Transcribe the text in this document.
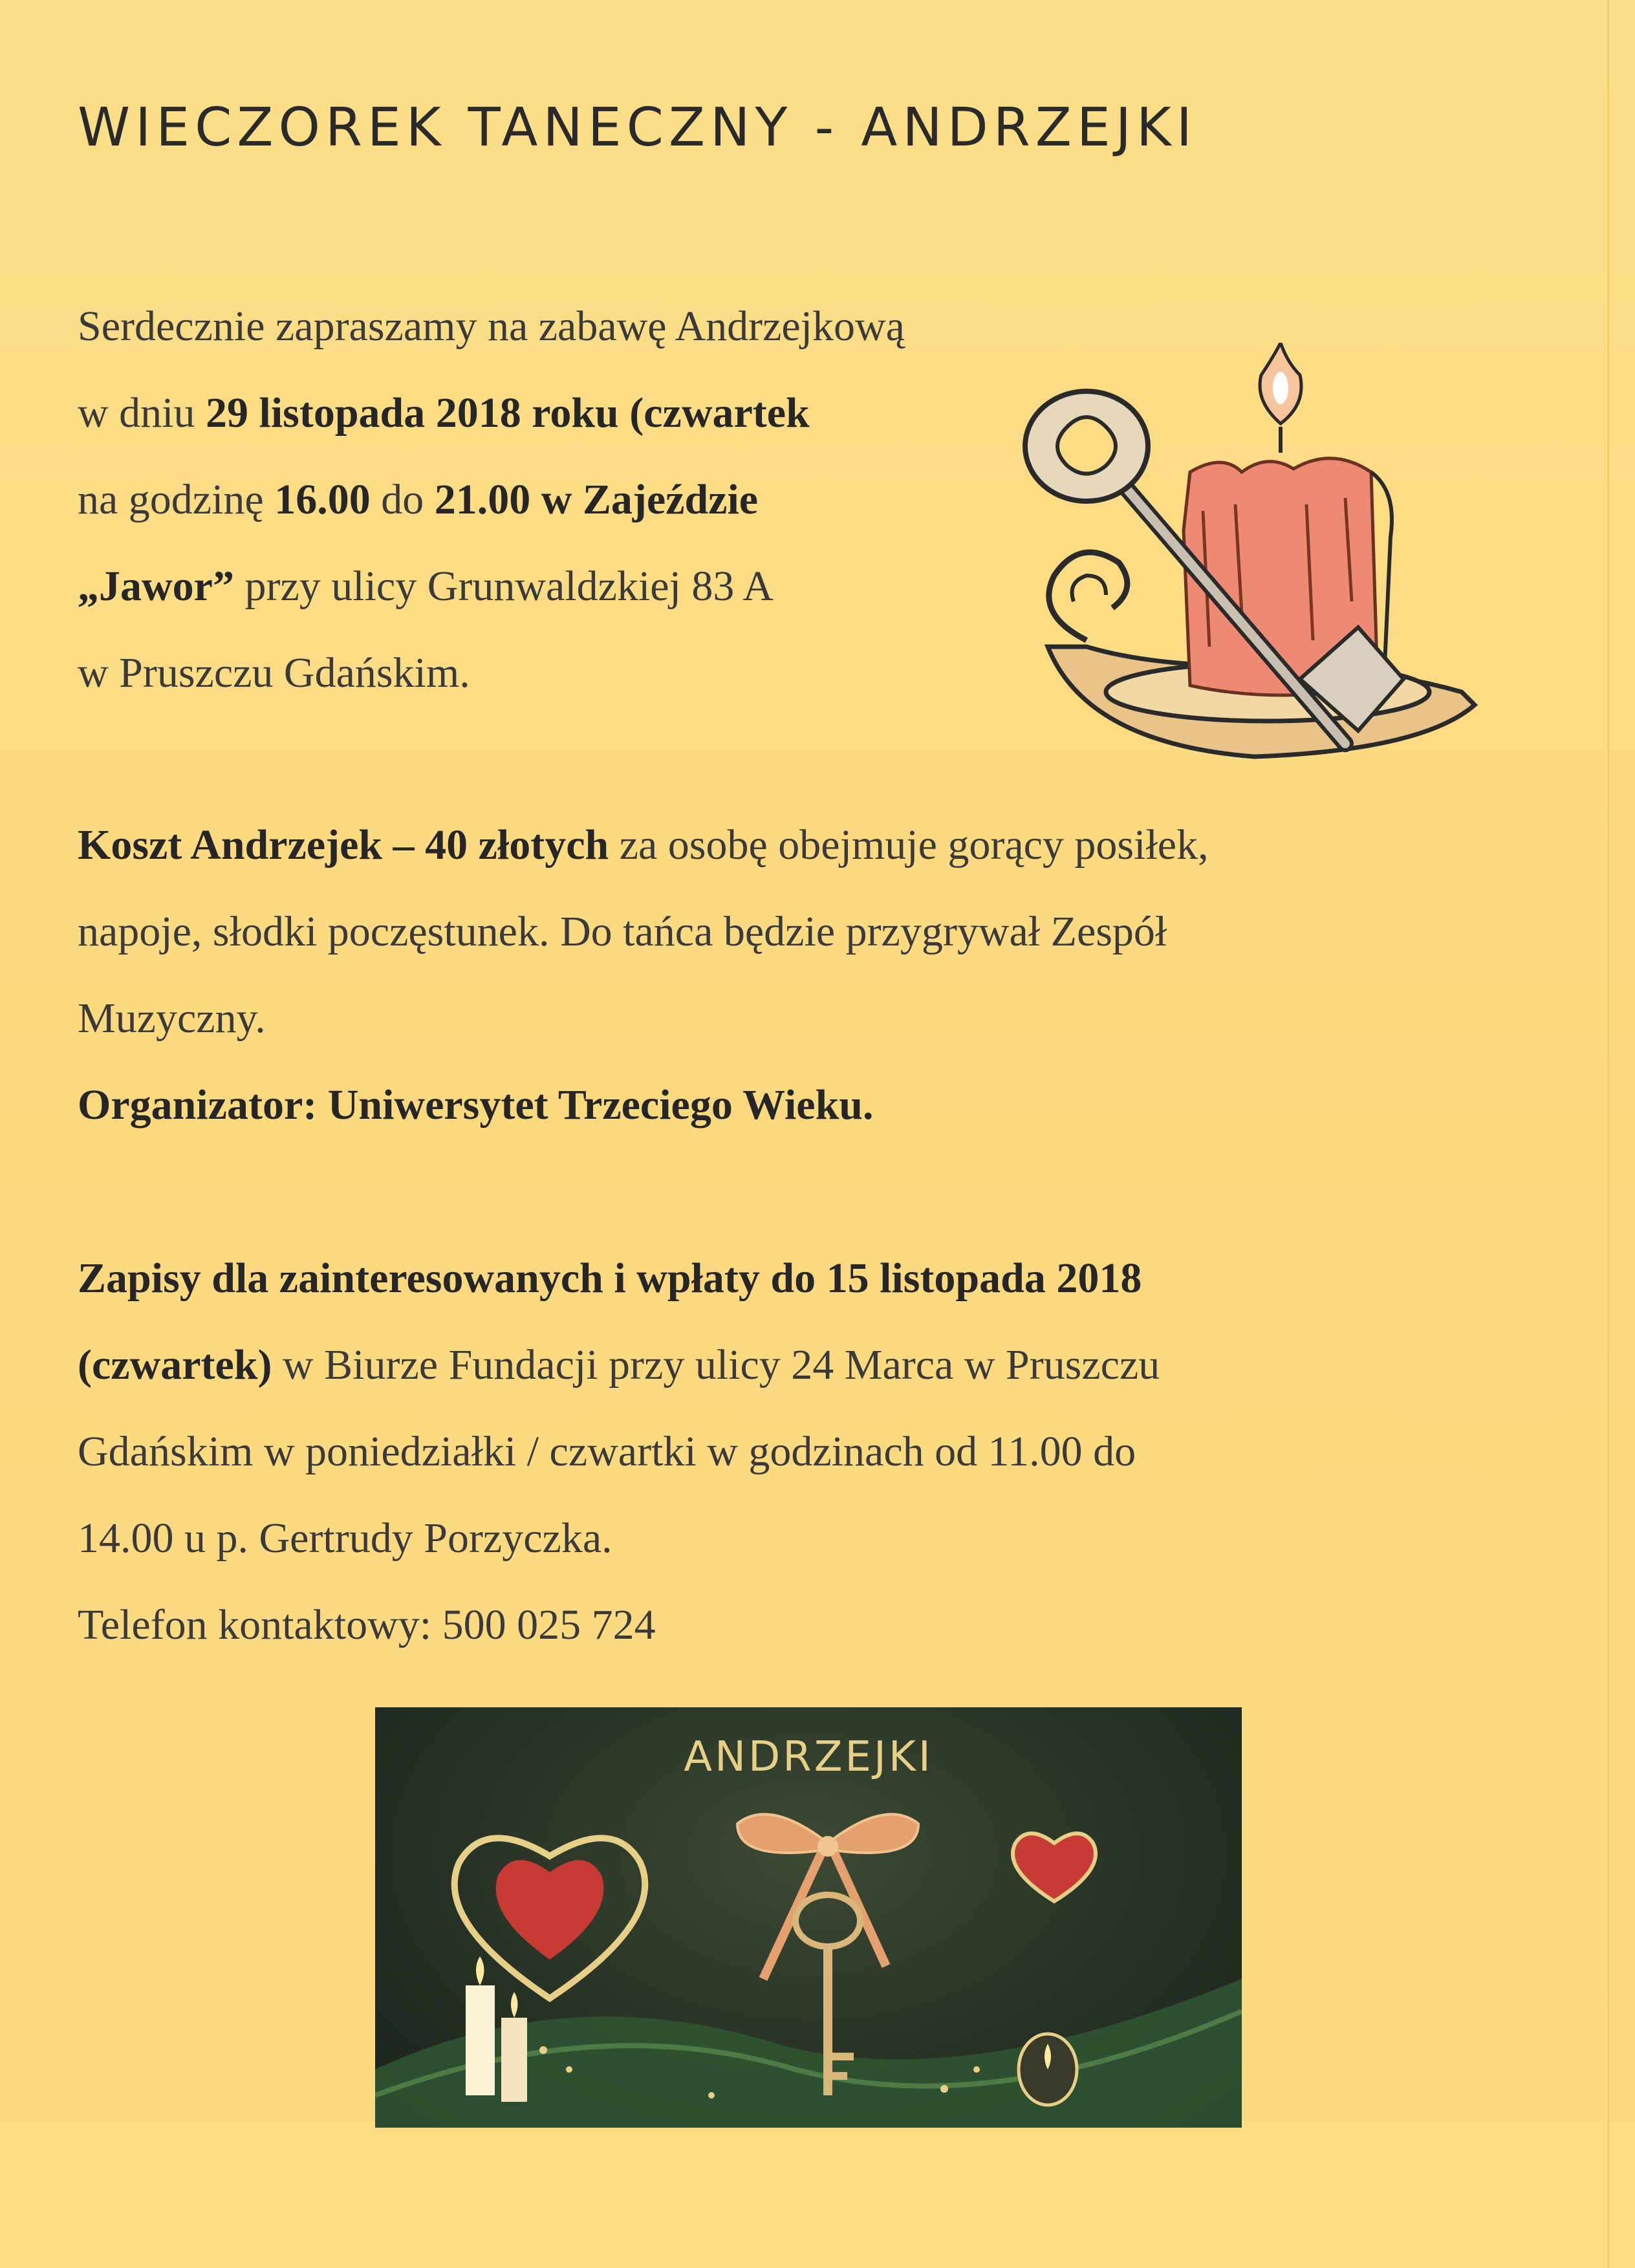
WIECZOREK TANECZNY - ANDRZEJKI
Serdecznie zapraszamy na zabawę Andrzejkową
w dniu 29 listopada 2018 roku (czwartek
na godzinę 16.00 do 21.00 w Zajeździe
„Jawor” przy ulicy Grunwaldzkiej 83 A
w Pruszczu Gdańskim.
Koszt Andrzejek – 40 złotych za osobę obejmuje gorący posiłek,
napoje, słodki poczęstunek. Do tańca będzie przygrywał Zespół
Muzyczny.
Organizator: Uniwersytet Trzeciego Wieku.
Zapisy dla zainteresowanych i wpłaty do 15 listopada 2018
(czwartek) w Biurze Fundacji przy ulicy 24 Marca w Pruszczu
Gdańskim w poniedziałki / czwartki w godzinach od 11.00 do
14.00 u p. Gertrudy Porzyczka.
Telefon kontaktowy: 500 025 724
ANDRZEJKI
